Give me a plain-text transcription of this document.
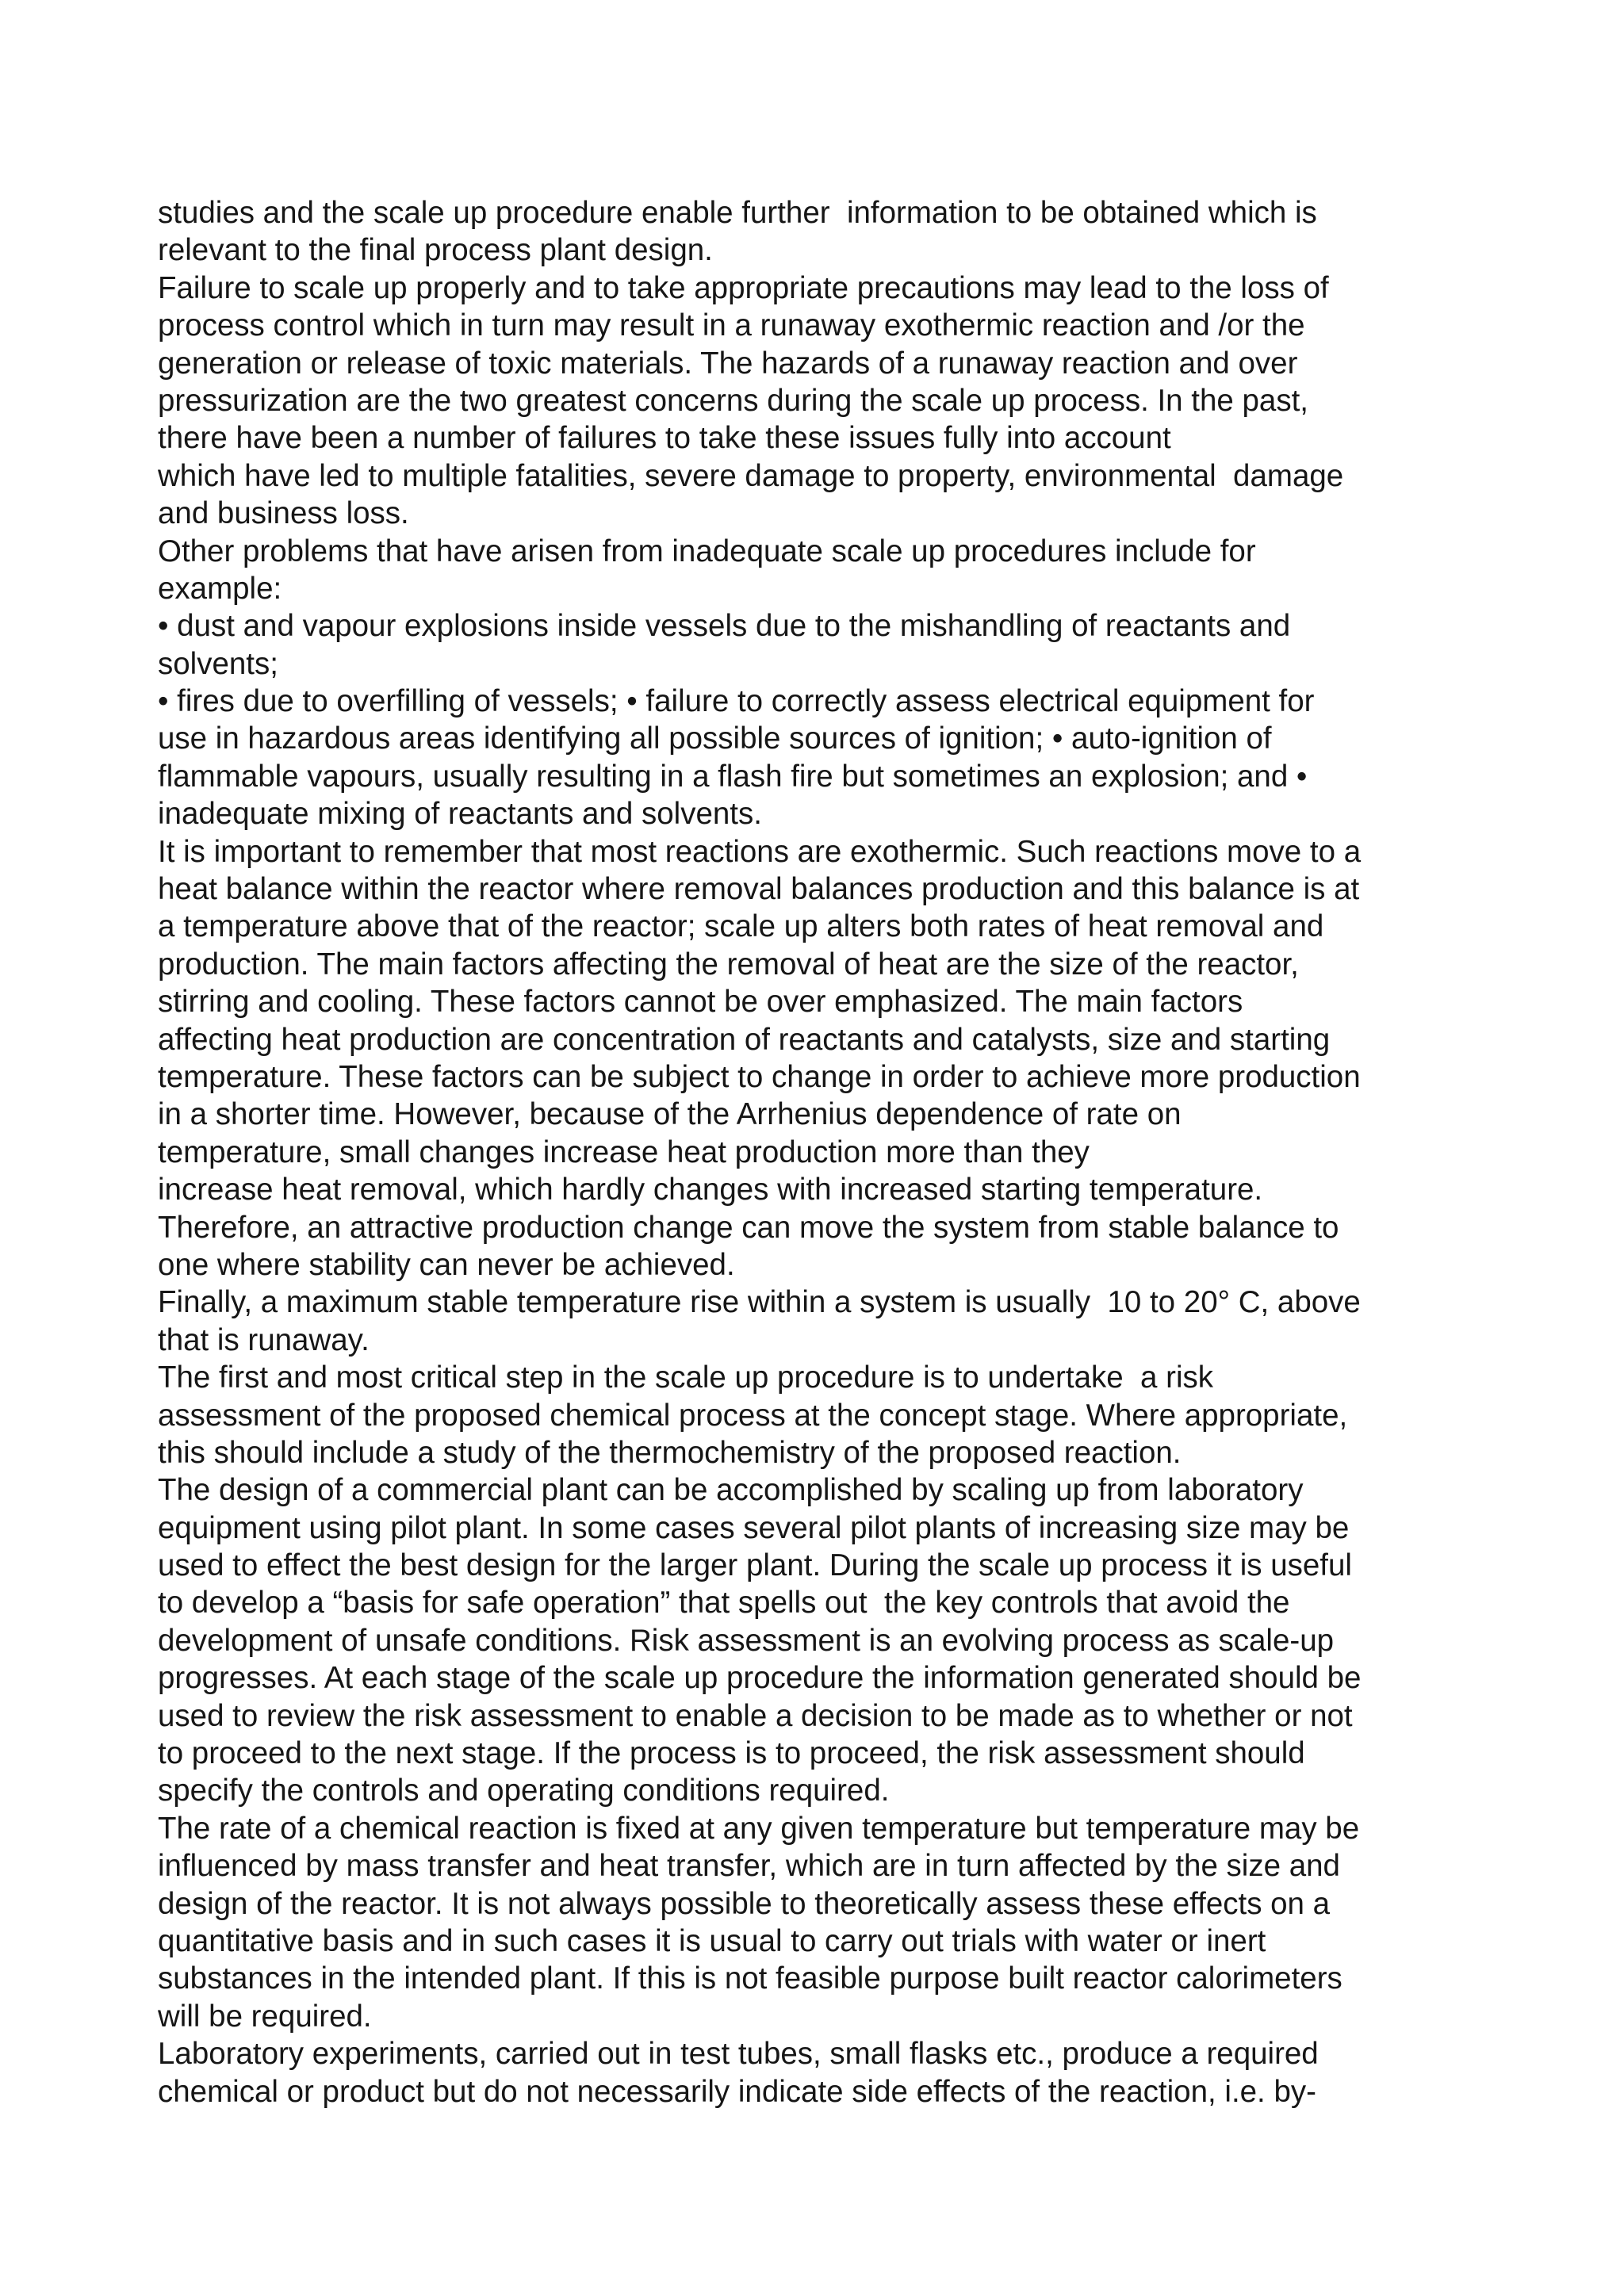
studies and the scale up procedure enable further  information to be obtained which is
relevant to the final process plant design.
Failure to scale up properly and to take appropriate precautions may lead to the loss of
process control which in turn may result in a runaway exothermic reaction and /or the
generation or release of toxic materials. The hazards of a runaway reaction and over
pressurization are the two greatest concerns during the scale up process. In the past,
there have been a number of failures to take these issues fully into account
which have led to multiple fatalities, severe damage to property, environmental  damage
and business loss.
Other problems that have arisen from inadequate scale up procedures include for
example:
• dust and vapour explosions inside vessels due to the mishandling of reactants and
solvents;
• fires due to overfilling of vessels; • failure to correctly assess electrical equipment for
use in hazardous areas identifying all possible sources of ignition; • auto-ignition of
flammable vapours, usually resulting in a flash fire but sometimes an explosion; and •
inadequate mixing of reactants and solvents.
It is important to remember that most reactions are exothermic. Such reactions move to a
heat balance within the reactor where removal balances production and this balance is at
a temperature above that of the reactor; scale up alters both rates of heat removal and
production. The main factors affecting the removal of heat are the size of the reactor,
stirring and cooling. These factors cannot be over emphasized. The main factors
affecting heat production are concentration of reactants and catalysts, size and starting
temperature. These factors can be subject to change in order to achieve more production
in a shorter time. However, because of the Arrhenius dependence of rate on
temperature, small changes increase heat production more than they
increase heat removal, which hardly changes with increased starting temperature.
Therefore, an attractive production change can move the system from stable balance to
one where stability can never be achieved.
Finally, a maximum stable temperature rise within a system is usually  10 to 20° C, above
that is runaway.
The first and most critical step in the scale up procedure is to undertake  a risk
assessment of the proposed chemical process at the concept stage. Where appropriate,
this should include a study of the thermochemistry of the proposed reaction.
The design of a commercial plant can be accomplished by scaling up from laboratory
equipment using pilot plant. In some cases several pilot plants of increasing size may be
used to effect the best design for the larger plant. During the scale up process it is useful
to develop a “basis for safe operation” that spells out  the key controls that avoid the
development of unsafe conditions. Risk assessment is an evolving process as scale-up
progresses. At each stage of the scale up procedure the information generated should be
used to review the risk assessment to enable a decision to be made as to whether or not
to proceed to the next stage. If the process is to proceed, the risk assessment should
specify the controls and operating conditions required.
The rate of a chemical reaction is fixed at any given temperature but temperature may be
influenced by mass transfer and heat transfer, which are in turn affected by the size and
design of the reactor. It is not always possible to theoretically assess these effects on a
quantitative basis and in such cases it is usual to carry out trials with water or inert
substances in the intended plant. If this is not feasible purpose built reactor calorimeters
will be required.
Laboratory experiments, carried out in test tubes, small flasks etc., produce a required
chemical or product but do not necessarily indicate side effects of the reaction, i.e. by-
